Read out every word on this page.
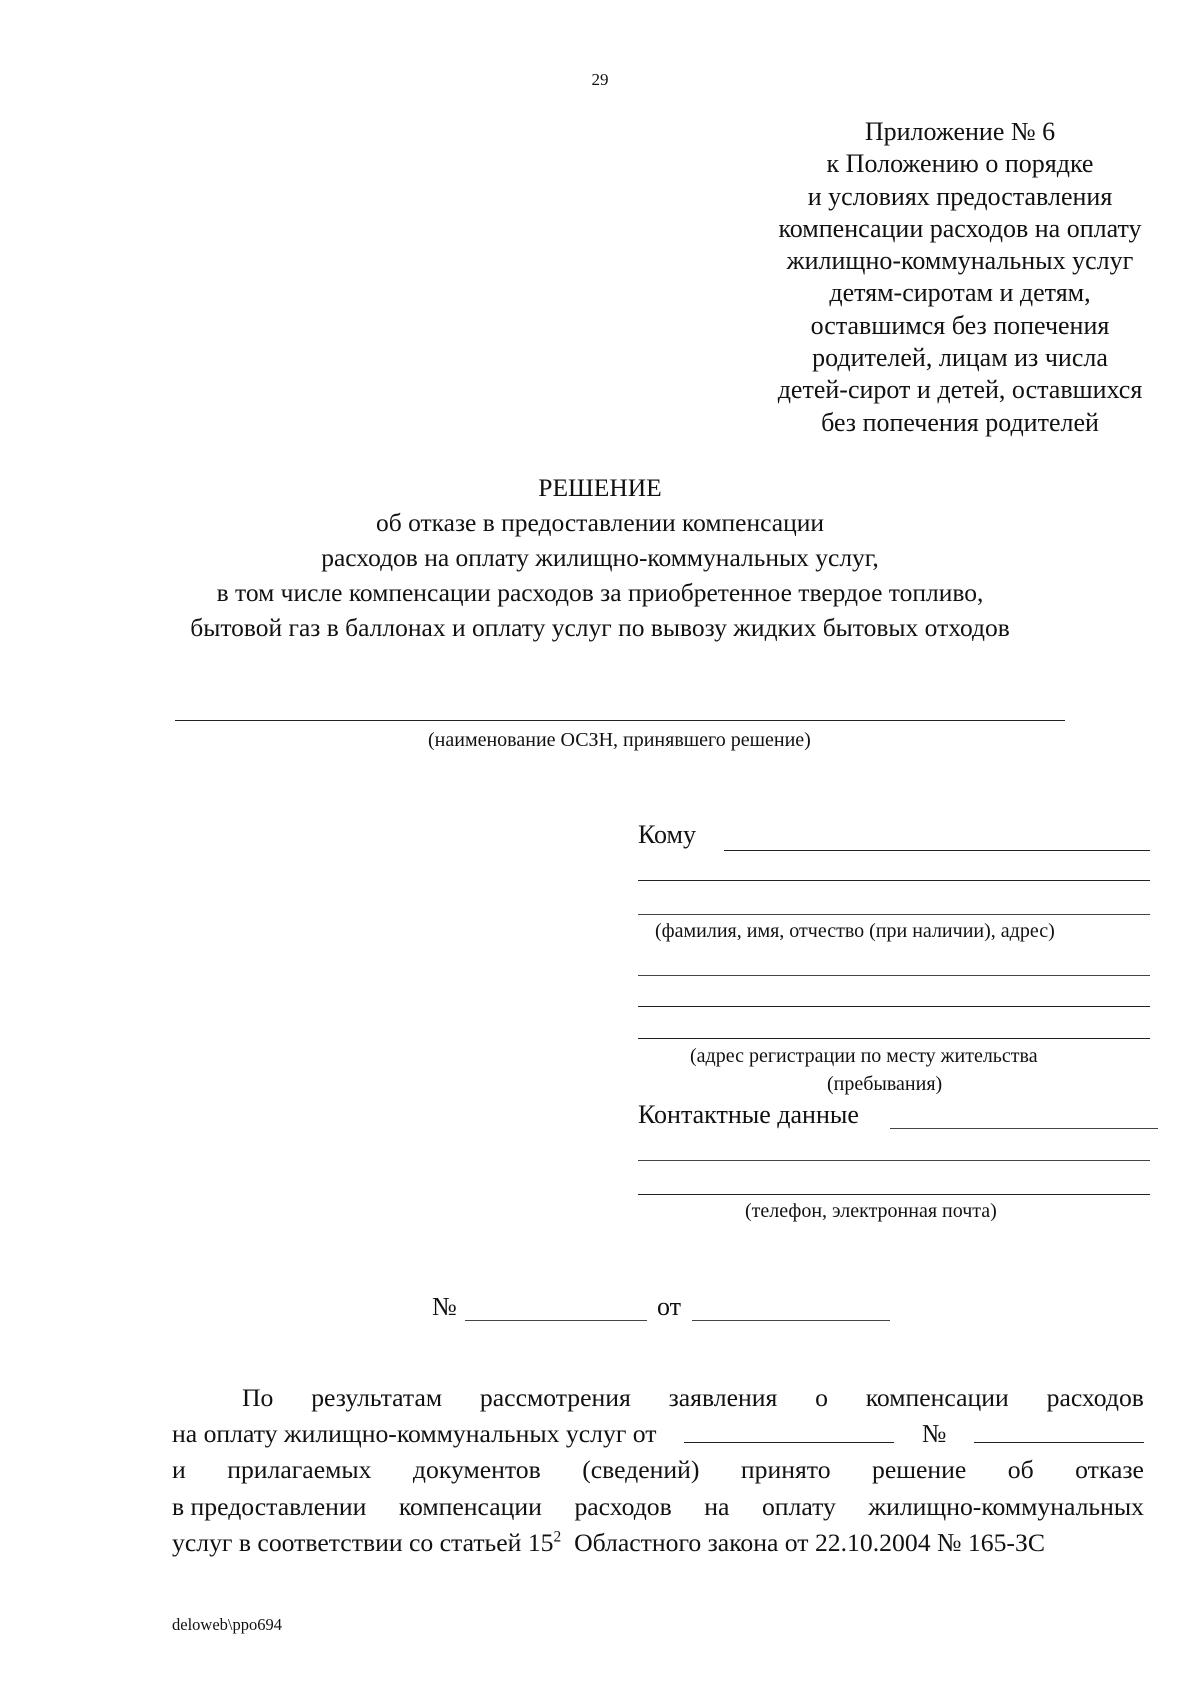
29
Приложение № 6
к Положению о порядке
и условиях предоставления
компенсации расходов на оплату
жилищно-коммунальных услуг
детям-сиротам и детям,
оставшимся без попечения
родителей, лицам из числа
детей-сирот и детей, оставшихся
без попечения родителей
РЕШЕНИЕ
об отказе в предоставлении компенсации
расходов на оплату жилищно-коммунальных услуг,
в том числе компенсации расходов за приобретенное твердое топливо,
бытовой газ в баллонах и оплату услуг по вывозу жидких бытовых отходов
(наименование ОСЗН, принявшего решение)
Кому
(фамилия, имя, отчество (при наличии), адрес)
(адрес регистрации по месту жительства
(пребывания)
Контактные данные
(телефон, электронная почта)
№	от
По результатам рассмотрения заявления о компенсации расходов
на оплату жилищно-коммунальных услуг от	№
и прилагаемых документов (сведений) принято решение об отказе
в предоставлении компенсации расходов на оплату жилищно-коммунальных
услуг в соответствии со статьей $15^2$  Областного закона от 22.10.2004 № 165-ЗС
deloweb\ppo694
